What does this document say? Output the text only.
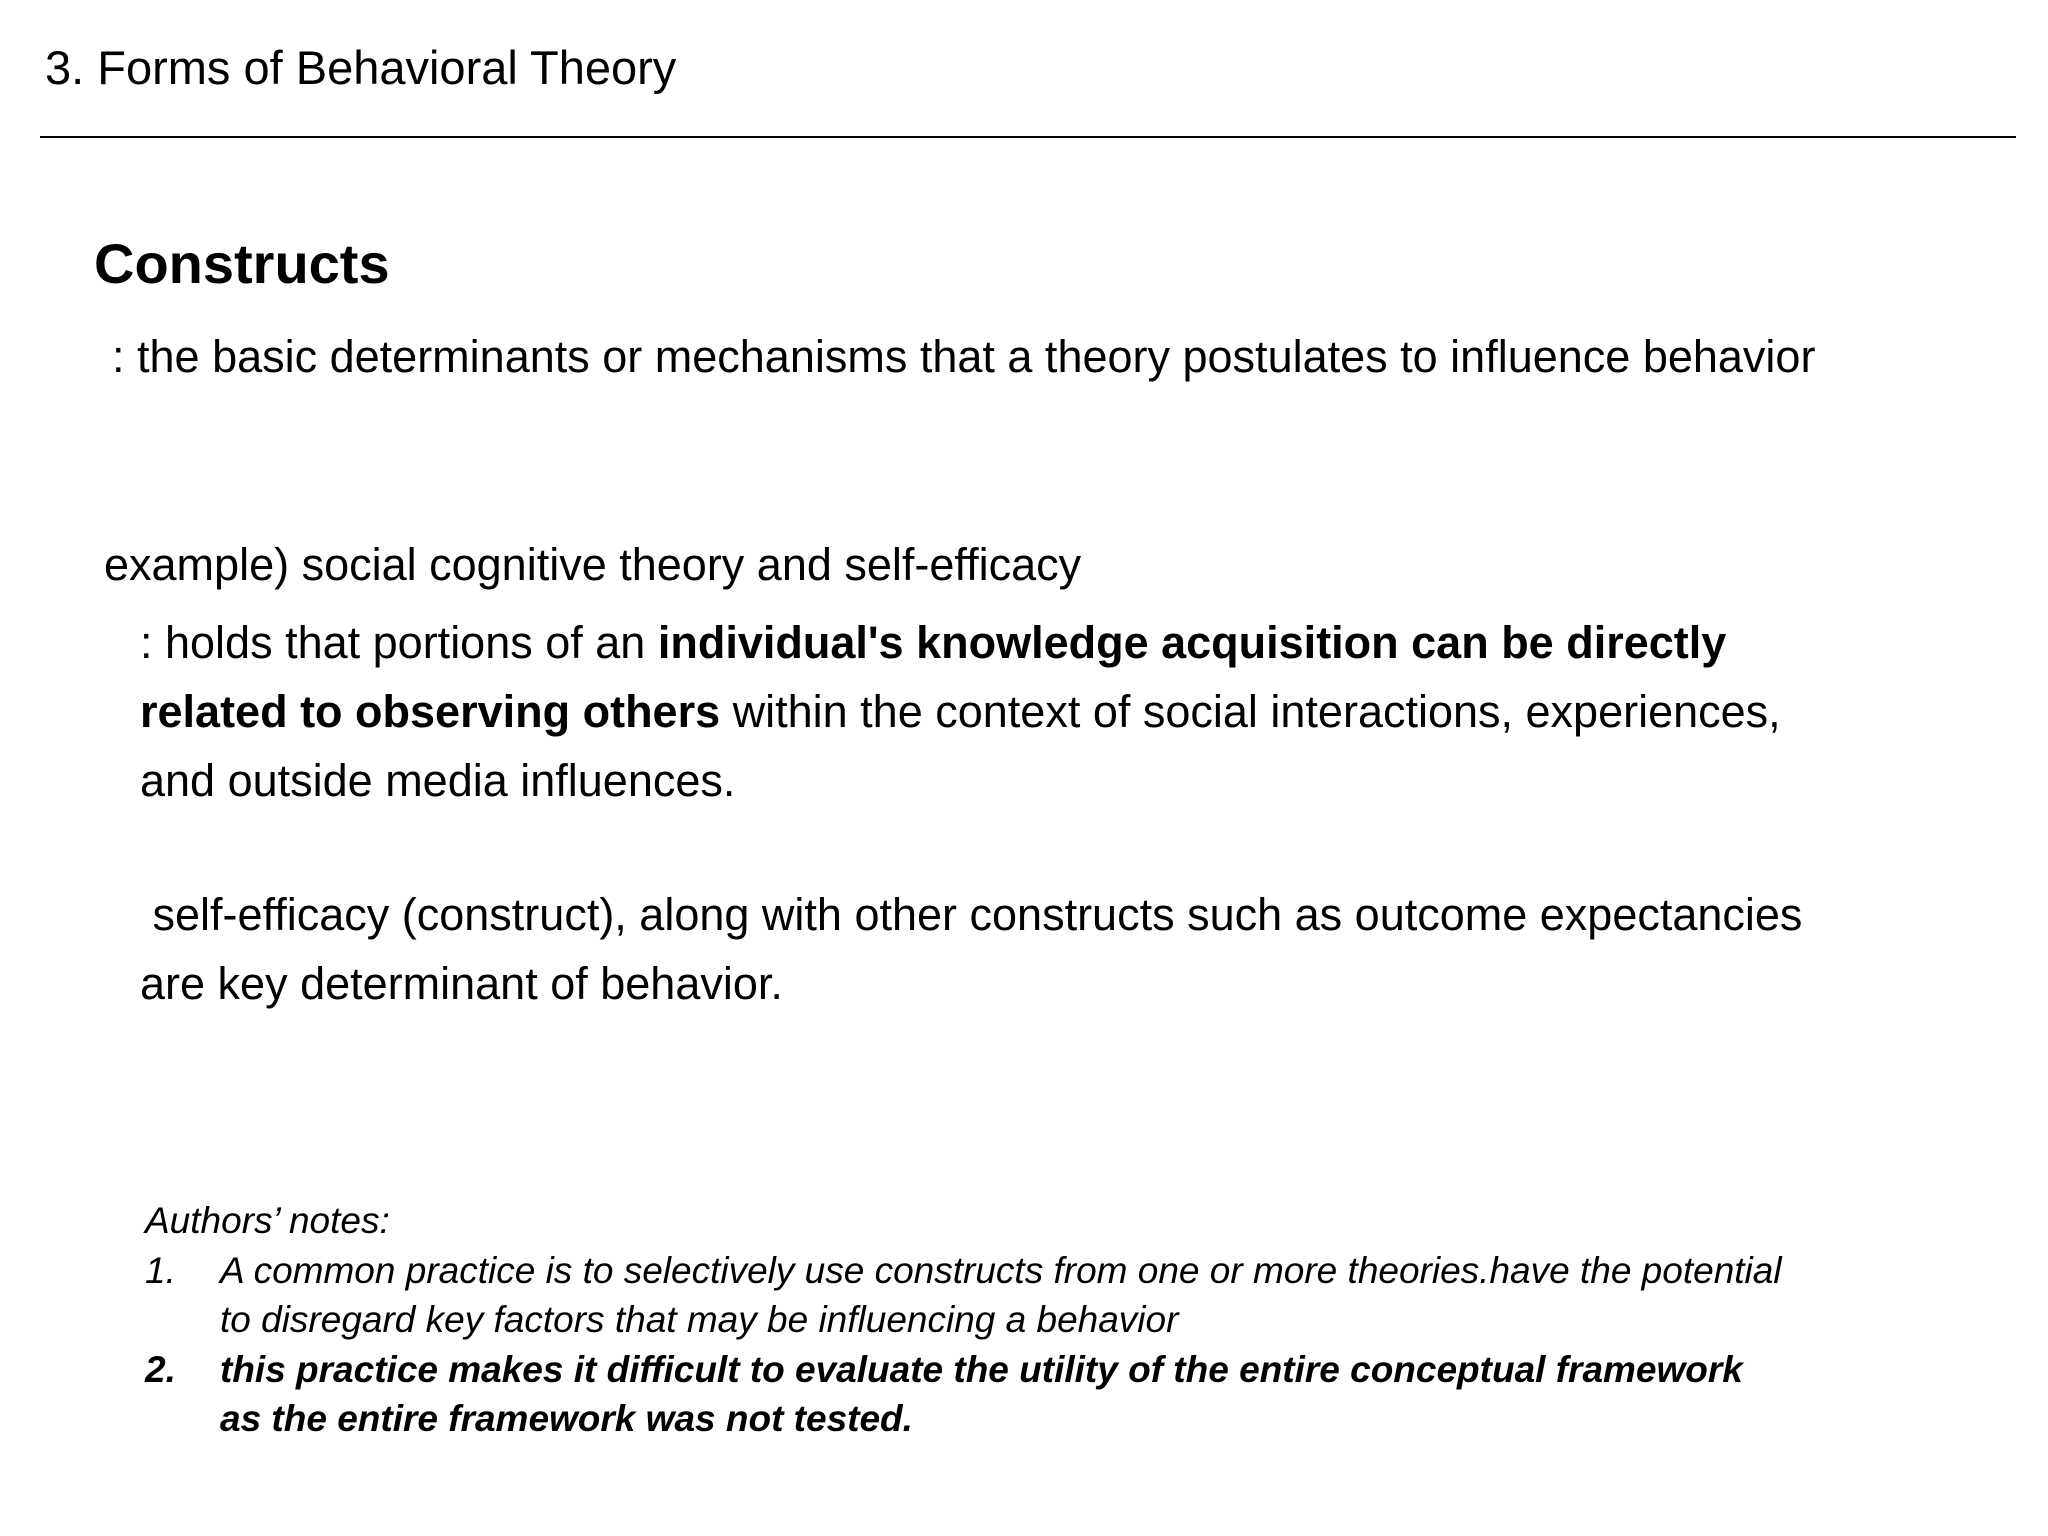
3. Forms of Behavioral Theory
Constructs
: the basic determinants or mechanisms that a theory postulates to influence behavior
example) social cognitive theory and self-efficacy
: holds that portions of an individual's knowledge acquisition can be directly
related to observing others within the context of social interactions, experiences,
and outside media influences.
self-efficacy (construct), along with other constructs such as outcome expectancies
are key determinant of behavior.
Authors’ notes:
1.	A common practice is to selectively use constructs from one or more theories.have the potential
to disregard key factors that may be influencing a behavior
2.	this practice makes it difficult to evaluate the utility of the entire conceptual framework
as the entire framework was not tested.
